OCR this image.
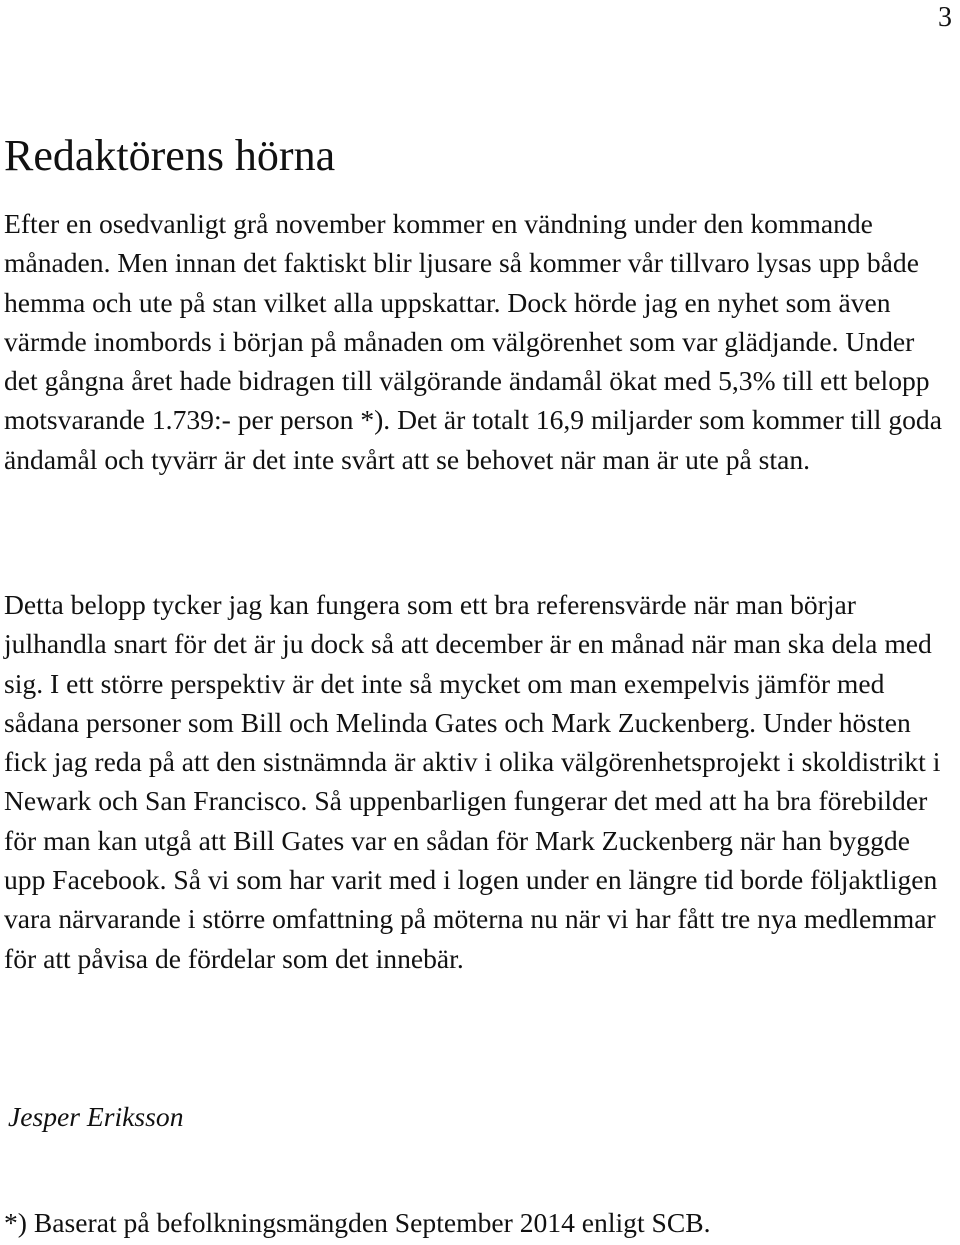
3
Redaktörens hörna

Efter en osedvanligt grå november kommer en vändning under den kommande månaden. Men innan det faktiskt blir ljusare så kommer vår tillvaro lysas upp både hemma och ute på stan vilket alla uppskattar. Dock hörde jag en nyhet som även värmde inombords i början på månaden om välgörenhet som var glädjande. Under det gångna året hade bidragen till välgörande ändamål ökat med 5,3% till ett belopp motsvarande 1.739:- per person *). Det är totalt 16,9 miljarder som kommer till goda ändamål och tyvärr är det inte svårt att se behovet när man är ute på stan.

Detta belopp tycker jag kan fungera som ett bra referensvärde när man börjar julhandla snart för det är ju dock så att december är en månad när man ska dela med sig. I ett större perspektiv är det inte så mycket om man exempelvis jämför med sådana personer som Bill och Melinda Gates och Mark Zuckenberg. Under hösten fick jag reda på att den sistnämnda är aktiv i olika välgörenhetsprojekt i skoldistrikt i Newark och San Francisco. Så uppenbarligen fungerar det med att ha bra förebilder för man kan utgå att Bill Gates var en sådan för Mark Zuckenberg när han byggde upp Facebook. Så vi som har varit med i logen under en längre tid borde följaktligen vara närvarande i större omfattning på möterna nu när vi har fått tre nya medlemmar för att påvisa de fördelar som det innebär.

Jesper Eriksson

*) Baserat på befolkningsmängden September 2014 enligt SCB.
